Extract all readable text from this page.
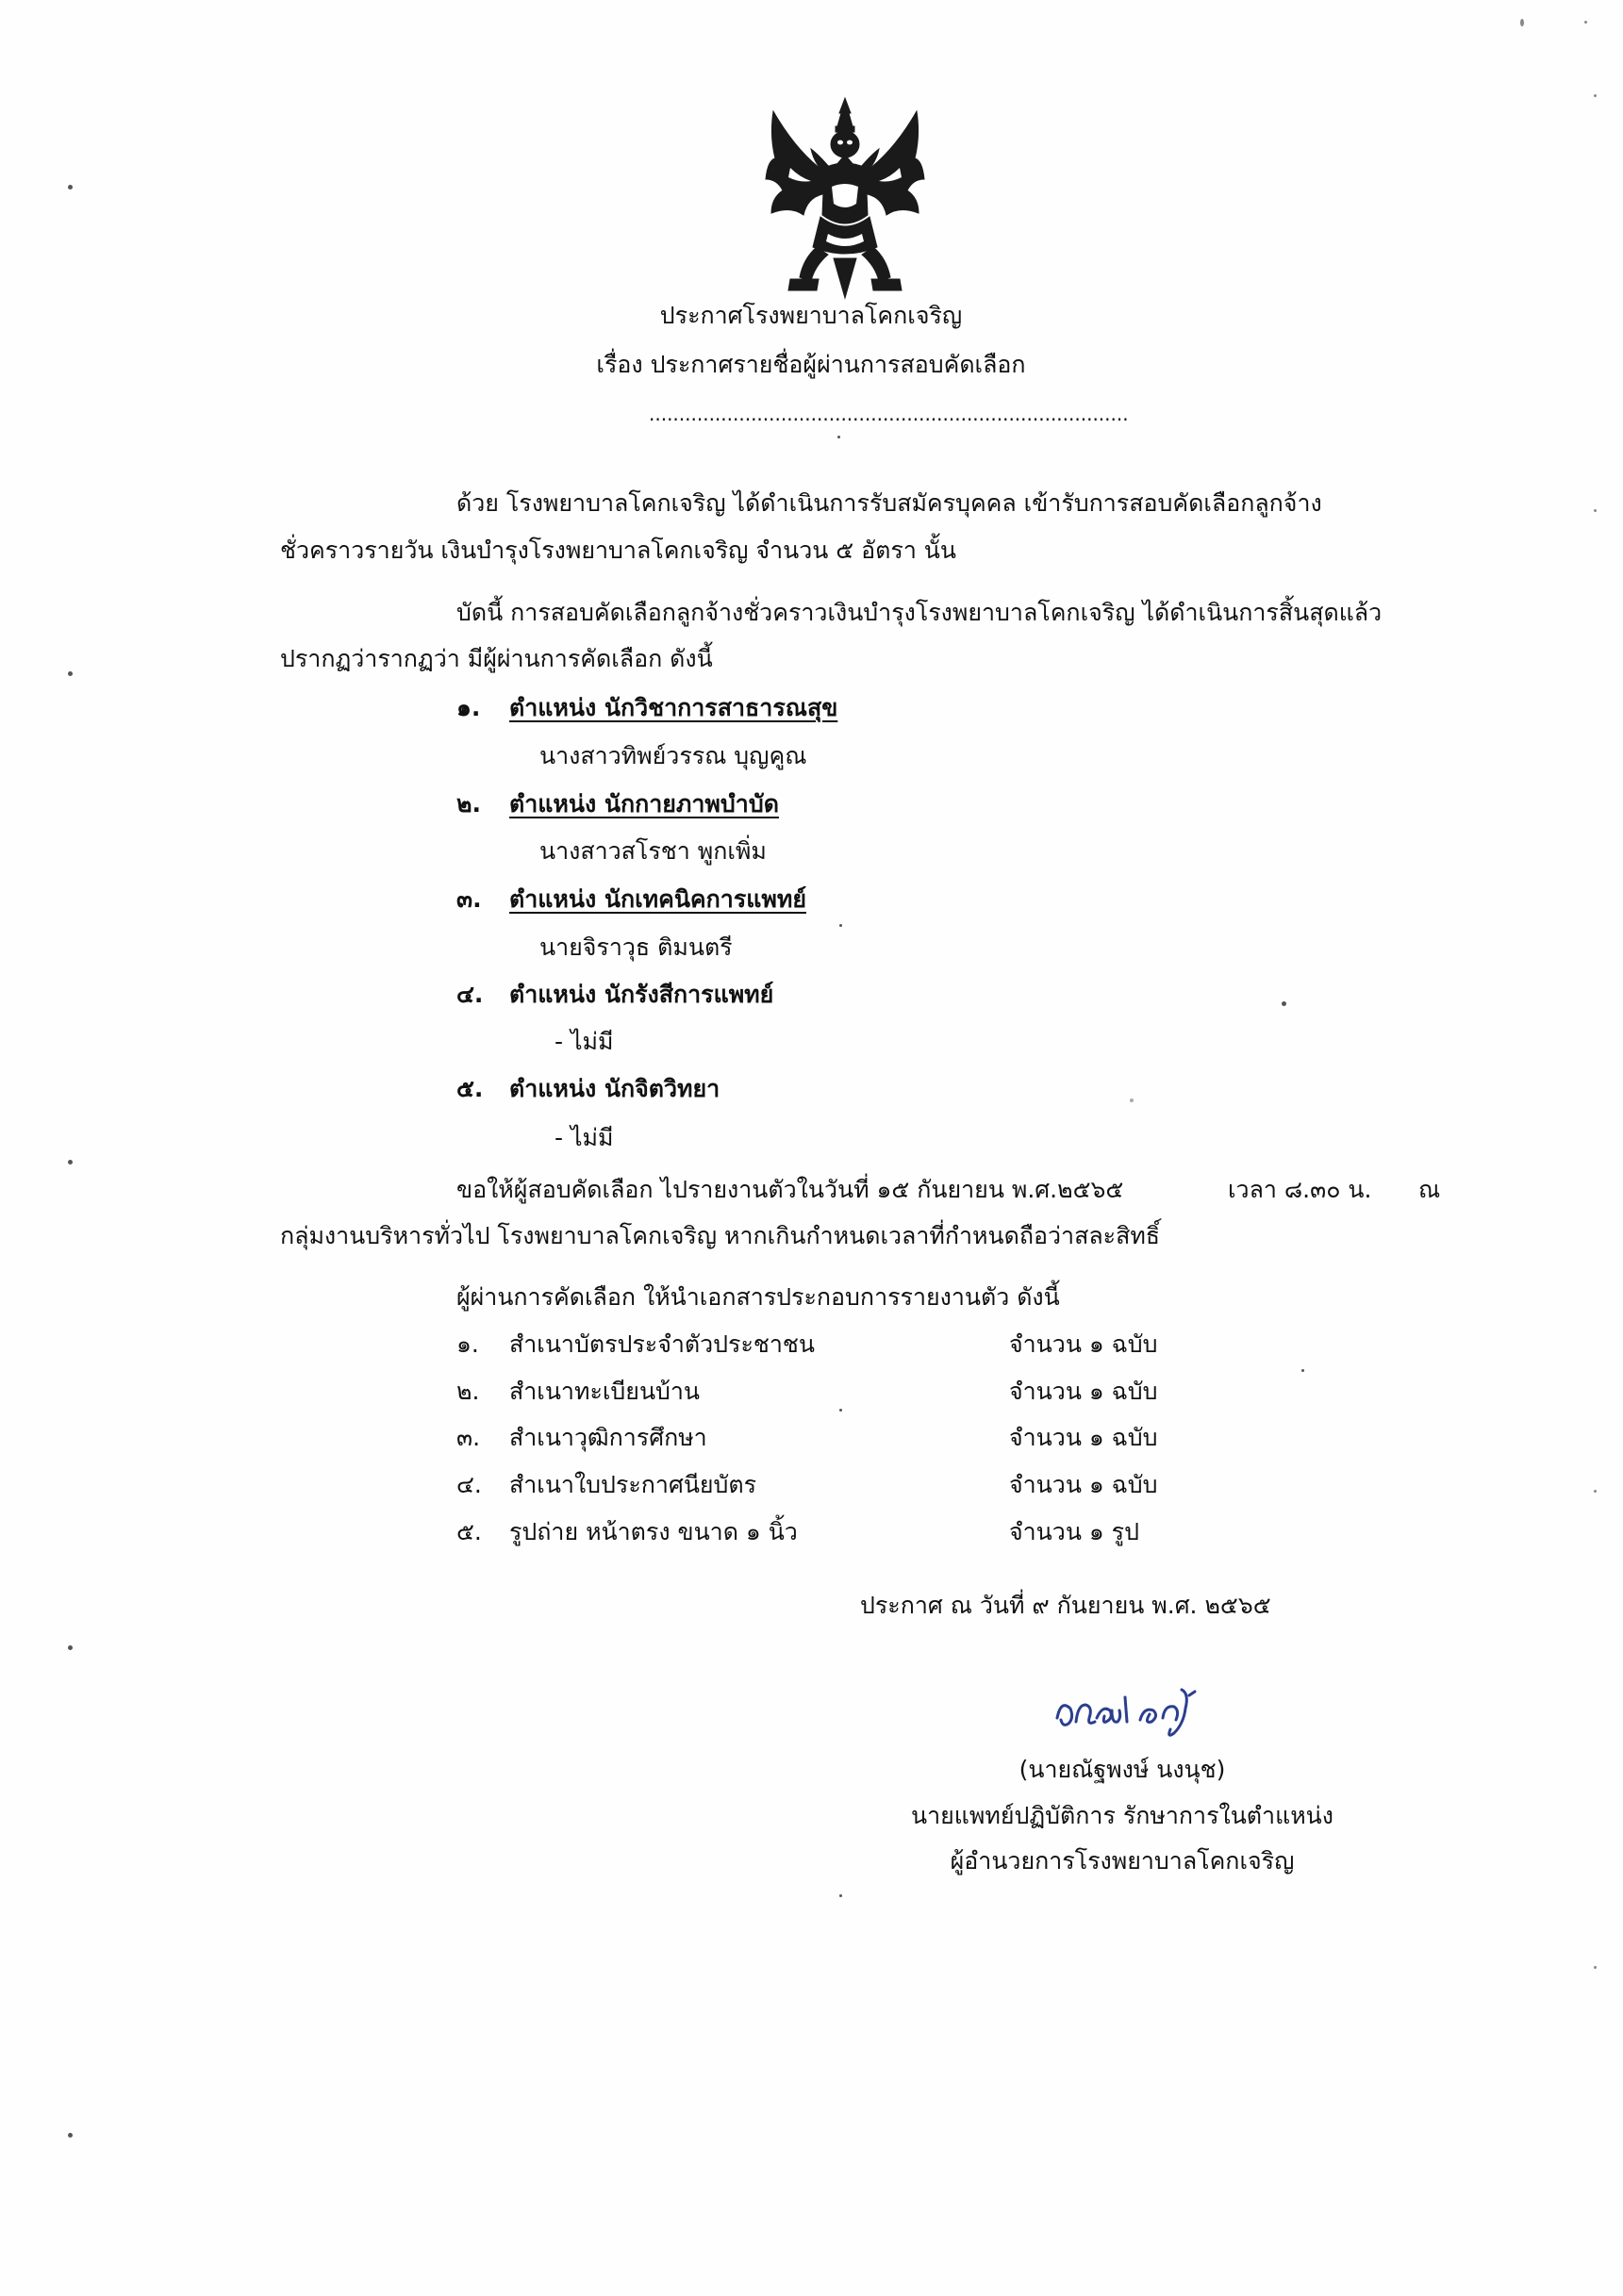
ประกาศโรงพยาบาลโคกเจริญ
เรื่อง ประกาศรายชื่อผู้ผ่านการสอบคัดเลือก
................................................................................
ด้วย โรงพยาบาลโคกเจริญ ได้ดำเนินการรับสมัครบุคคล เข้ารับการสอบคัดเลือกลูกจ้าง
ชั่วคราวรายวัน เงินบำรุงโรงพยาบาลโคกเจริญ จำนวน ๕ อัตรา นั้น
บัดนี้ การสอบคัดเลือกลูกจ้างชั่วคราวเงินบำรุงโรงพยาบาลโคกเจริญ ได้ดำเนินการสิ้นสุดแล้ว
ปรากฏว่ารากฏว่า มีผู้ผ่านการคัดเลือก ดังนี้
๑. ตำแหน่ง นักวิชาการสาธารณสุข
นางสาวทิพย์วรรณ บุญคูณ
๒. ตำแหน่ง นักกายภาพบำบัด
นางสาวสโรชา พูกเพิ่ม
๓. ตำแหน่ง นักเทคนิคการแพทย์
นายจิราวุธ ติมนตรี
๔. ตำแหน่ง นักรังสีการแพทย์
- ไม่มี
๕. ตำแหน่ง นักจิตวิทยา
- ไม่มี
ขอให้ผู้สอบคัดเลือก ไปรายงานตัวในวันที่ ๑๕ กันยายน พ.ศ.๒๕๖๕	เวลา ๘.๓๐ น. ณ
กลุ่มงานบริหารทั่วไป โรงพยาบาลโคกเจริญ หากเกินกำหนดเวลาที่กำหนดถือว่าสละสิทธิ์
ผู้ผ่านการคัดเลือก ให้นำเอกสารประกอบการรายงานตัว ดังนี้
๑. สำเนาบัตรประจำตัวประชาชน	จำนวน ๑ ฉบับ
๒. สำเนาทะเบียนบ้าน	จำนวน ๑ ฉบับ
๓. สำเนาวุฒิการศึกษา	จำนวน ๑ ฉบับ
๔. สำเนาใบประกาศนียบัตร	จำนวน ๑ ฉบับ
๕. รูปถ่าย หน้าตรง ขนาด ๑ นิ้ว	จำนวน ๑ รูป
ประกาศ ณ วันที่ ๙ กันยายน พ.ศ. ๒๕๖๕
(นายณัฐพงษ์ นงนุช)
นายแพทย์ปฏิบัติการ รักษาการในตำแหน่ง
ผู้อำนวยการโรงพยาบาลโคกเจริญ
